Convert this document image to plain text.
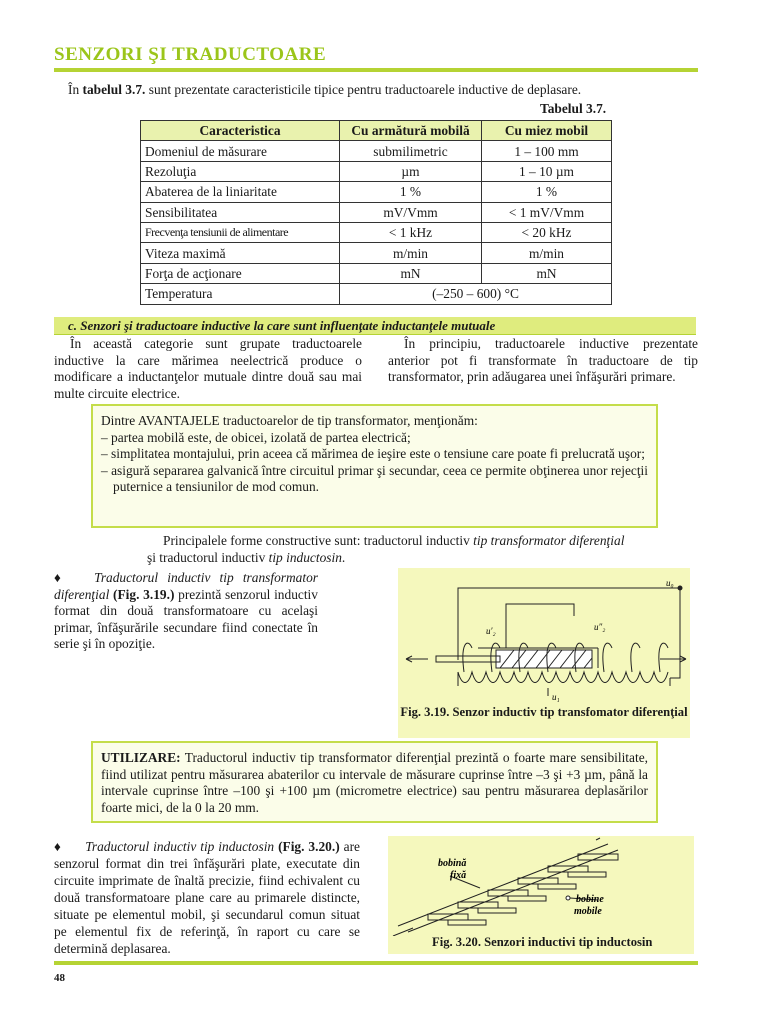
SENZORI ŞI TRADUCTOARE
În tabelul 3.7. sunt prezentate caracteristicile tipice pentru traductoarele inductive de deplasare.
Tabelul 3.7.
Caracteristica	Cu armătură mobilă	Cu miez mobil
Domeniul de măsurare	submilimetric	1 – 100 mm
Rezoluţia	µm	1 – 10 µm
Abaterea de la liniaritate	1 %	1 %
Sensibilitatea	mV/Vmm	< 1 mV/Vmm
Frecvenţa tensiunii de alimentare	< 1 kHz	< 20 kHz
Viteza maximă	m/min	m/min
Forţa de acţionare	mN	mN
Temperatura	(–250 – 600) °C	
c. Senzori şi traductoare inductive la care sunt influenţate inductanţele mutuale
În această categorie sunt grupate traductoarele inductive la care mărimea neelectrică produce o modificare a inductanţelor mutuale dintre două sau mai multe circuite electrice.
În principiu, traductoarele inductive prezentate anterior pot fi transformate în traductoare de tip transformator, prin adăugarea unei înfăşurări primare.

Dintre AVANTAJELE traductoarelor de tip transformator, menţionăm:

– partea mobilă este, de obicei, izolată de partea electrică;

– simplitatea montajului, prin aceea că mărimea de ieşire este o tensiune care poate fi prelucrată uşor;

– asigură separarea galvanică între circuitul primar şi secundar, ceea ce permite obţinerea unor rejecţii puternice a tensiunilor de mod comun.

Principalele forme constructive sunt: traductorul inductiv tip transformator diferenţial şi traductorul inductiv tip inductosin.
♦ Traductorul inductiv tip transformator diferenţial (Fig. 3.19.) prezintă senzorul inductiv format din două transformatoare cu acelaşi primar, înfăşurările secundare fiind conectate în serie şi în opoziţie.
u₀
u′₂	u″₂
u₁
Fig. 3.19. Senzor inductiv tip transfomator diferenţial
UTILIZARE: Traductorul inductiv tip transformator diferenţial prezintă o foarte mare sensibilitate, fiind utilizat pentru măsurarea abaterilor cu intervale de măsurare cuprinse între –3 şi +3 µm, până la intervale cuprinse între –100 şi +100 µm (micrometre electrice) sau pentru măsurarea deplasărilor foarte mici, de la 0 la 20 mm.
♦ Traductorul inductiv tip inductosin (Fig. 3.20.) are senzorul format din trei înfăşurări plate, executate din circuite imprimate de înaltă precizie, fiind echivalent cu două transformatoare plane care au primarele distincte, situate pe elementul mobil, şi secundarul comun situat pe elementul fix de referinţă, în raport cu care se determină deplasarea.
bobină
fixă
bobine
mobile
Fig. 3.20. Senzori inductivi tip inductosin
48
